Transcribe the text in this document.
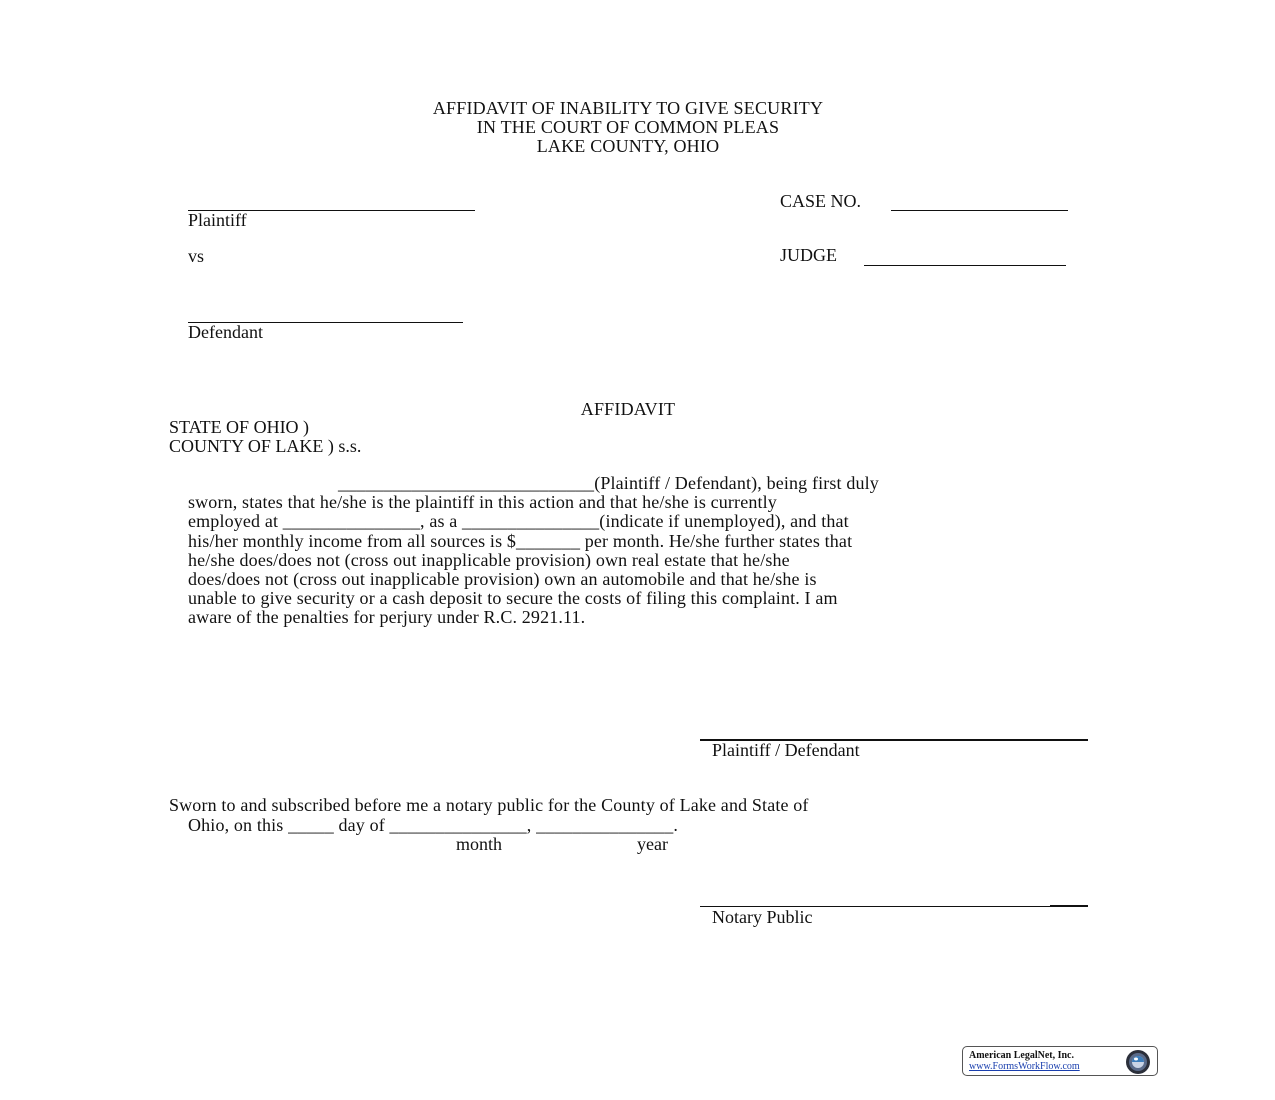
AFFIDAVIT OF INABILITY TO GIVE SECURITY
IN THE COURT OF COMMON PLEAS
LAKE COUNTY, OHIO
Plaintiff
vs
Defendant
CASE NO.
JUDGE
AFFIDAVIT
STATE OF OHIO )
COUNTY OF LAKE ) s.s.
____________________________(Plaintiff / Defendant), being first duly
sworn, states that he/she is the plaintiff in this action and that he/she is currently
employed at _______________, as a _______________(indicate if unemployed), and that
his/her monthly income from all sources is $_______ per month. He/she further states that
he/she does/does not (cross out inapplicable provision) own real estate that he/she
does/does not (cross out inapplicable provision) own an automobile and that he/she is
unable to give security or a cash deposit to secure the costs of filing this complaint. I am
aware of the penalties for perjury under R.C. 2921.11.
Plaintiff / Defendant
Sworn to and subscribed before me a notary public for the County of Lake and State of
Ohio, on this _____ day of _______________, _______________.
month	year
Notary Public
American LegalNet, Inc.
www.FormsWorkFlow.com
